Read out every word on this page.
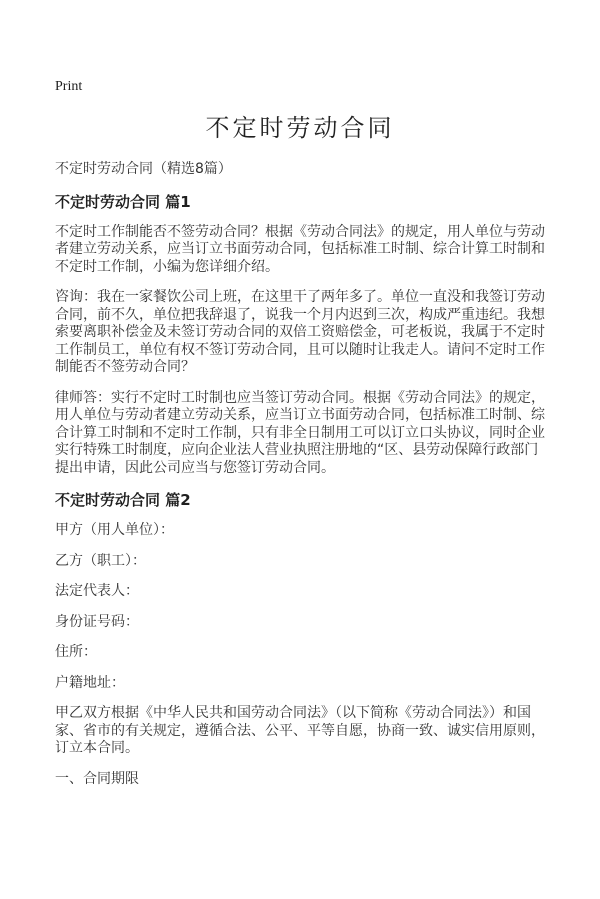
Print
不定时劳动合同

不定时劳动合同（精选8篇）

不定时劳动合同 篇1

不定时工作制能否不签劳动合同？根据《劳动合同法》的规定，用人单位与劳动者建立劳动关系，应当订立书面劳动合同，包括标准工时制、综合计算工时制和不定时工作制，小编为您详细介绍。

咨询：我在一家餐饮公司上班，在这里干了两年多了。单位一直没和我签订劳动合同，前不久，单位把我辞退了，说我一个月内迟到三次，构成严重违纪。我想索要离职补偿金及未签订劳动合同的双倍工资赔偿金，可老板说，我属于不定时工作制员工，单位有权不签订劳动合同，且可以随时让我走人。请问不定时工作制能否不签劳动合同？

律师答：实行不定时工时制也应当签订劳动合同。根据《劳动合同法》的规定，用人单位与劳动者建立劳动关系，应当订立书面劳动合同，包括标准工时制、综合计算工时制和不定时工作制，只有非全日制用工可以订立口头协议，同时企业实行特殊工时制度，应向企业法人营业执照注册地的“区、县劳动保障行政部门提出申请，因此公司应当与您签订劳动合同。

不定时劳动合同 篇2

甲方（用人单位）：

乙方（职工）：

法定代表人：

身份证号码：

住所：

户籍地址：

甲乙双方根据《中华人民共和国劳动合同法》（以下简称《劳动合同法》）和国家、省市的有关规定，遵循合法、公平、平等自愿，协商一致、诚实信用原则，订立本合同。

一、合同期限
